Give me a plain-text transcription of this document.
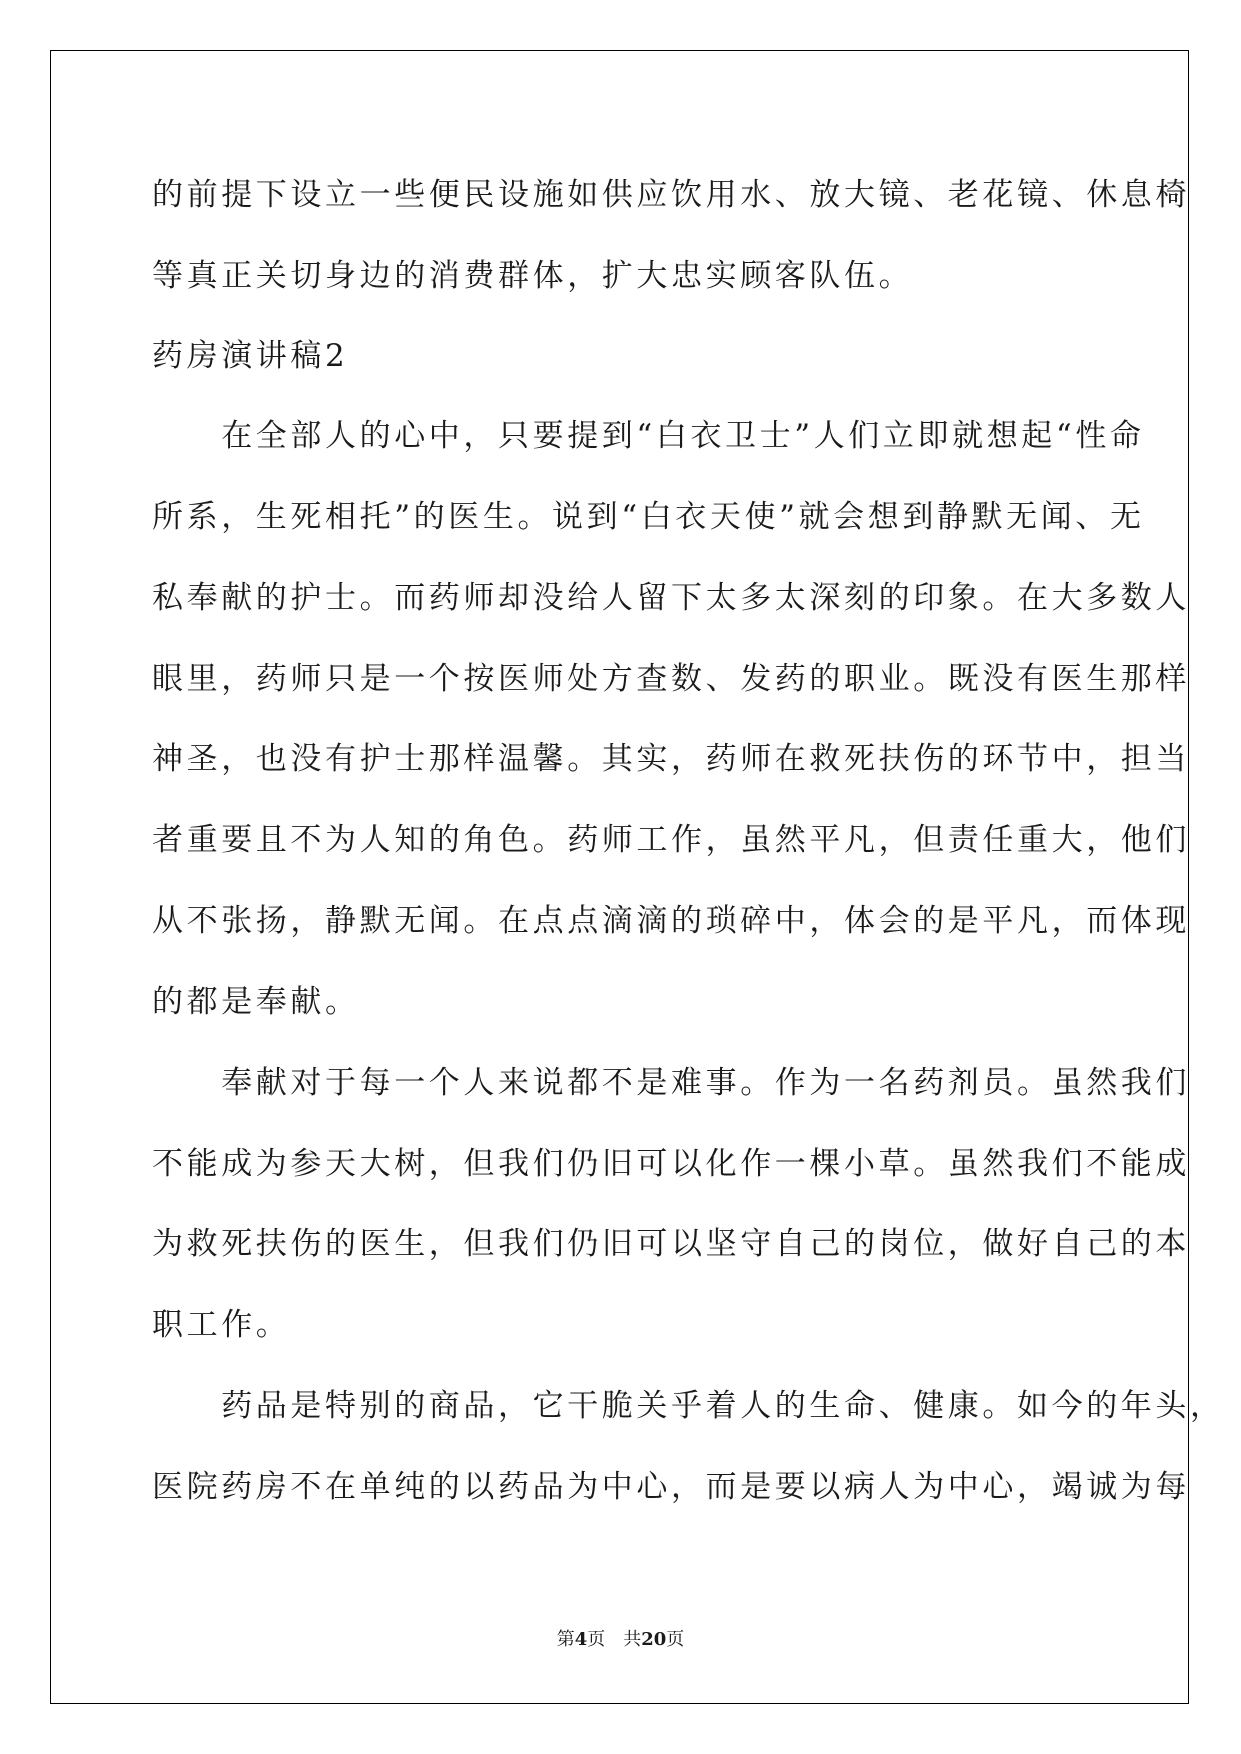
的前提下设立一些便民设施如供应饮用水、放大镜、老花镜、休息椅
等真正关切身边的消费群体，扩大忠实顾客队伍。
药房演讲稿2
　　在全部人的心中，只要提到“白衣卫士”人们立即就想起“性命
所系，生死相托”的医生。说到“白衣天使”就会想到静默无闻、无
私奉献的护士。而药师却没给人留下太多太深刻的印象。在大多数人
眼里，药师只是一个按医师处方查数、发药的职业。既没有医生那样
神圣，也没有护士那样温馨。其实，药师在救死扶伤的环节中，担当
者重要且不为人知的角色。药师工作，虽然平凡，但责任重大，他们
从不张扬，静默无闻。在点点滴滴的琐碎中，体会的是平凡，而体现
的都是奉献。
　　奉献对于每一个人来说都不是难事。作为一名药剂员。虽然我们
不能成为参天大树，但我们仍旧可以化作一棵小草。虽然我们不能成
为救死扶伤的医生，但我们仍旧可以坚守自己的岗位，做好自己的本
职工作。
　　药品是特别的商品，它干脆关乎着人的生命、健康。如今的年头，
医院药房不在单纯的以药品为中心，而是要以病人为中心，竭诚为每
第4页　共20页
